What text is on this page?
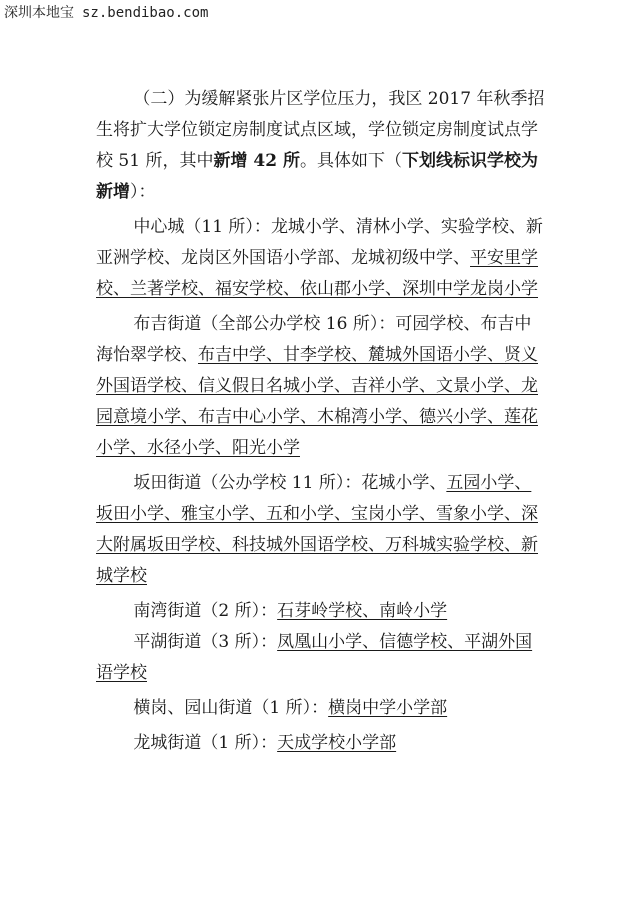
深圳本地宝 sz.bendibao.com

（二）为缓解紧张片区学位压力，我区 2017 年秋季招生将扩大学位锁定房制度试点区域，学位锁定房制度试点学校 51 所，其中新增 42 所。具体如下（下划线标识学校为新增）：

中心城（11 所）：龙城小学、清林小学、实验学校、新亚洲学校、龙岗区外国语小学部、龙城初级中学、平安里学校、兰著学校、福安学校、依山郡小学、深圳中学龙岗小学

布吉街道（全部公办学校 16 所）：可园学校、布吉中海怡翠学校、布吉中学、甘李学校、麓城外国语小学、贤义外国语学校、信义假日名城小学、吉祥小学、文景小学、龙园意境小学、布吉中心小学、木棉湾小学、德兴小学、莲花小学、水径小学、阳光小学

坂田街道（公办学校 11 所）：花城小学、五园小学、坂田小学、雅宝小学、五和小学、宝岗小学、雪象小学、深大附属坂田学校、科技城外国语学校、万科城实验学校、新城学校

南湾街道（2 所）：石芽岭学校、南岭小学

平湖街道（3 所）：凤凰山小学、信德学校、平湖外国语学校

横岗、园山街道（1 所）：横岗中学小学部

龙城街道（1 所）：天成学校小学部
